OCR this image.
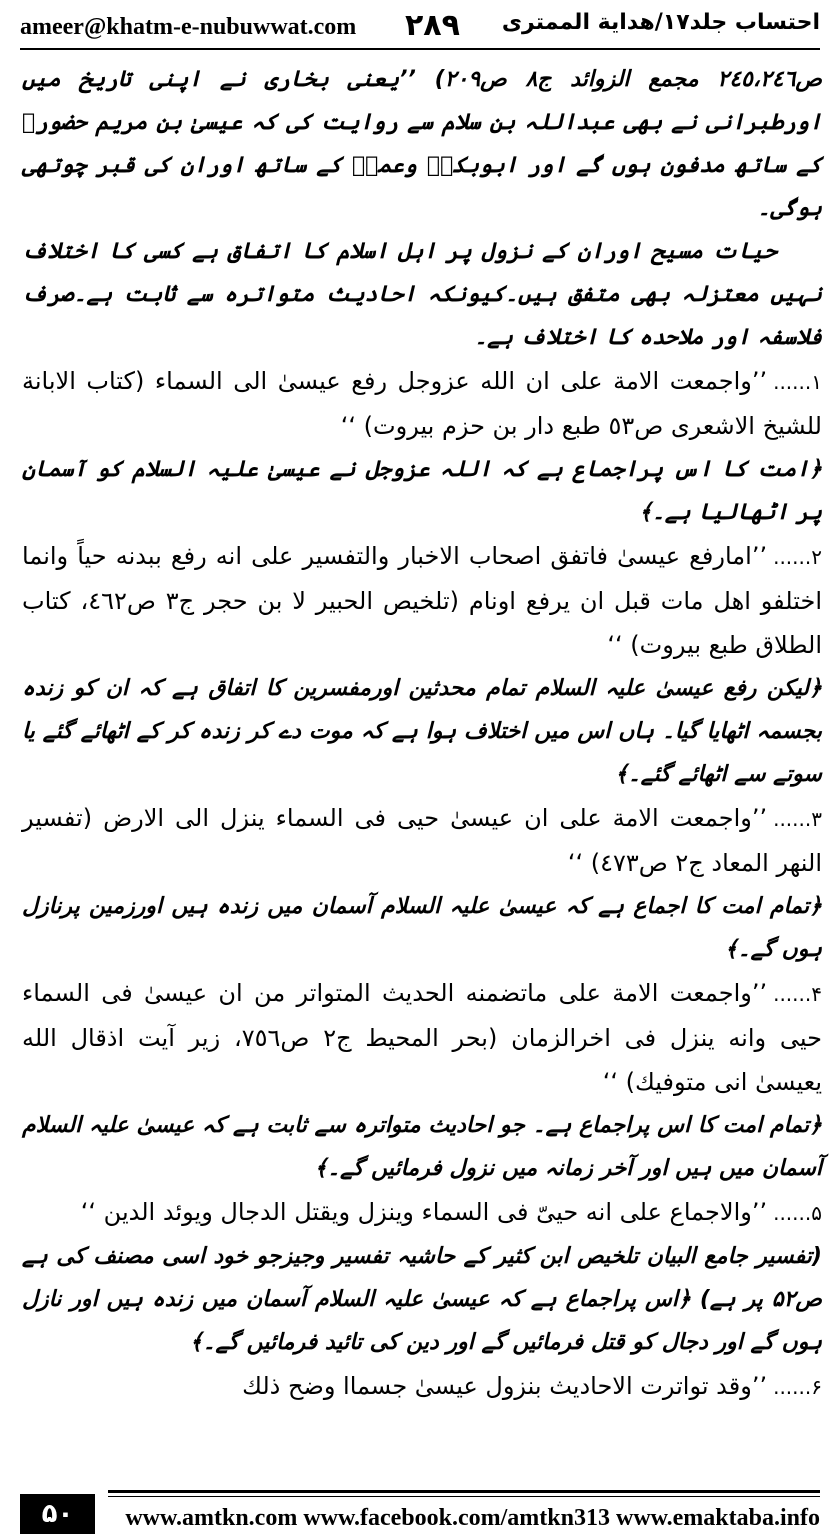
ameer@khatm-e-nubuwwat.com ۲۸۹ احتساب جلد۱۷/ھدایة الممتری

ص۲٤٥،۲٤٦ مجمع الزوائد ج۸ ص۲۰۹) ’’یعنی بخاری نے اپنی تاریخ میں اورطبرانی نے بھی عبداللہ بن سلام سے روایت کی کہ عیسیٰ بن مریم حضورﷺ کے ساتھ مدفون ہوں گے اور ابوبکرؓ وعمرؓ کے ساتھ اوران کی قبر چوتھی ہوگی۔

حیات مسیح اوران کے نزول پر اہل اسلام کا اتفاق ہے کسی کا اختلاف نہیں معتزلہ بھی متفق ہیں۔کیونکہ احادیث متواترہ سے ثابت ہے۔صرف فلاسفہ اور ملاحدہ کا اختلاف ہے۔

۱......’’واجمعت الامة على ان الله عزوجل رفع عيسىٰ الى السماء (كتاب الابانة للشيخ الاشعرى ص٥٣ طبع دار بن حزم بيروت) ‘‘

﴿امت کا اس پراجماع ہے کہ اللہ عزوجل نے عیسیٰ علیہ السلام کو آسمان پر اٹھالیا ہے۔﴾

۲......’’امارفع عيسىٰ فاتفق اصحاب الاخبار والتفسير على انه رفع ببدنه حياً وانما اختلفو اهل مات قبل ان يرفع اونام (تلخيص الحبير لا بن حجر ج۳ ص٤٦٢، كتاب الطلاق طبع بيروت) ‘‘

﴿لیکن رفع عیسیٰ علیہ السلام تمام محدثین اورمفسرین کا اتفاق ہے کہ ان کو زندہ بجسمہ اٹھایا گیا۔ ہاں اس میں اختلاف ہوا ہے کہ موت دے کر زندہ کر کے اٹھائے گئے یا سوتے سے اٹھائے گئے۔﴾

۳......’’واجمعت الامة على ان عيسىٰ حيى فى السماء ينزل الى الارض (تفسير النهر المعاد ج۲ ص٤٧٣) ‘‘

﴿تمام امت کا اجماع ہے کہ عیسیٰ علیہ السلام آسمان میں زندہ ہیں اورزمین پرنازل ہوں گے۔﴾

۴......’’واجمعت الامة على ماتضمنه الحديث المتواتر من ان عيسىٰ فى السماء حيى وانه ينزل فى اخرالزمان (بحر المحيط ج۲ ص٧٥٦، زير آيت اذقال الله يعيسىٰ انى متوفيك) ‘‘

﴿تمام امت کا اس پراجماع ہے۔ جو احادیث متواترہ سے ثابت ہے کہ عیسیٰ علیہ السلام آسمان میں ہیں اور آخر زمانہ میں نزول فرمائیں گے۔﴾

۵......’’والاجماع على انه حيىّ فى السماء وينزل ويقتل الدجال ويوئد الدين ‘‘

(تفسیر جامع البیان تلخیص ابن کثیر کے حاشیہ تفسیر وجیزجو خود اسی مصنف کی ہے ص۵۲ پر ہے) ﴿اس پراجماع ہے کہ عیسیٰ علیہ السلام آسمان میں زندہ ہیں اور نازل ہوں گے اور دجال کو قتل فرمائیں گے اور دین کی تائید فرمائیں گے۔﴾

۶......’’وقد تواترت الاحاديث بنزول عيسىٰ جسماا وضح ذلك

۵۰	www.amtkn.com www.facebook.com/amtkn313 www.emaktaba.info
